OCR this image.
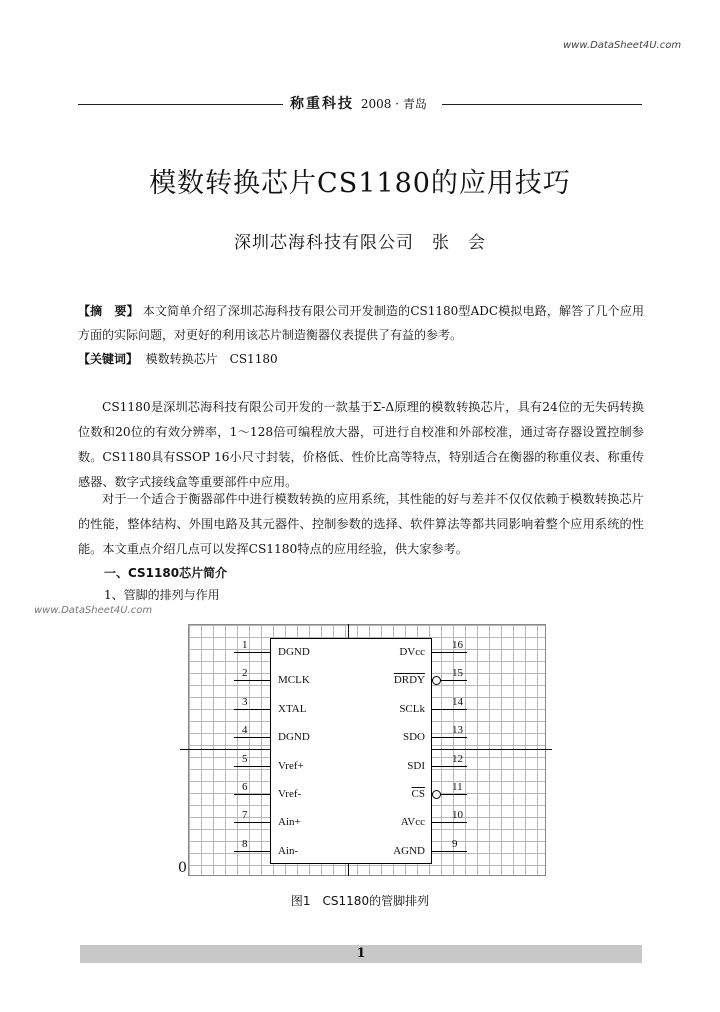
www.DataSheet4U.com
称重科技 2008 · 青岛
模数转换芯片CS1180的应用技巧
深圳芯海科技有限公司　张　会
【摘　要】 本文简单介绍了深圳芯海科技有限公司开发制造的CS1180型ADC模拟电路，解答了几个应用方面的实际问题，对更好的利用该芯片制造衡器仪表提供了有益的参考。
【关键词】 模数转换芯片　CS1180
CS1180是深圳芯海科技有限公司开发的一款基于Σ-Δ原理的模数转换芯片，具有24位的无失码转换位数和20位的有效分辨率，1～128倍可编程放大器，可进行自校准和外部校准，通过寄存器设置控制参数。CS1180具有SSOP 16小尺寸封装，价格低、性价比高等特点，特别适合在衡器的称重仪表、称重传感器、数字式接线盒等重要部件中应用。
对于一个适合于衡器部件中进行模数转换的应用系统，其性能的好与差并不仅仅依赖于模数转换芯片的性能，整体结构、外围电路及其元器件、控制参数的选择、软件算法等都共同影响着整个应用系统的性能。本文重点介绍几点可以发挥CS1180特点的应用经验，供大家参考。
一、CS1180芯片简介
1、管脚的排列与作用
www.DataSheet4U.com
1
DGND
2
MCLK
3
XTAL
4
DGND
5
Vref+
6
Vref-
7
Ain+
8
Ain-
16
DVcc
15
DRDY
14
SCLk
13
SDO
12
SDI
11
$\overline{CS}$
10
AVcc
9
AGND
0
图1　CS1180的管脚排列
1
